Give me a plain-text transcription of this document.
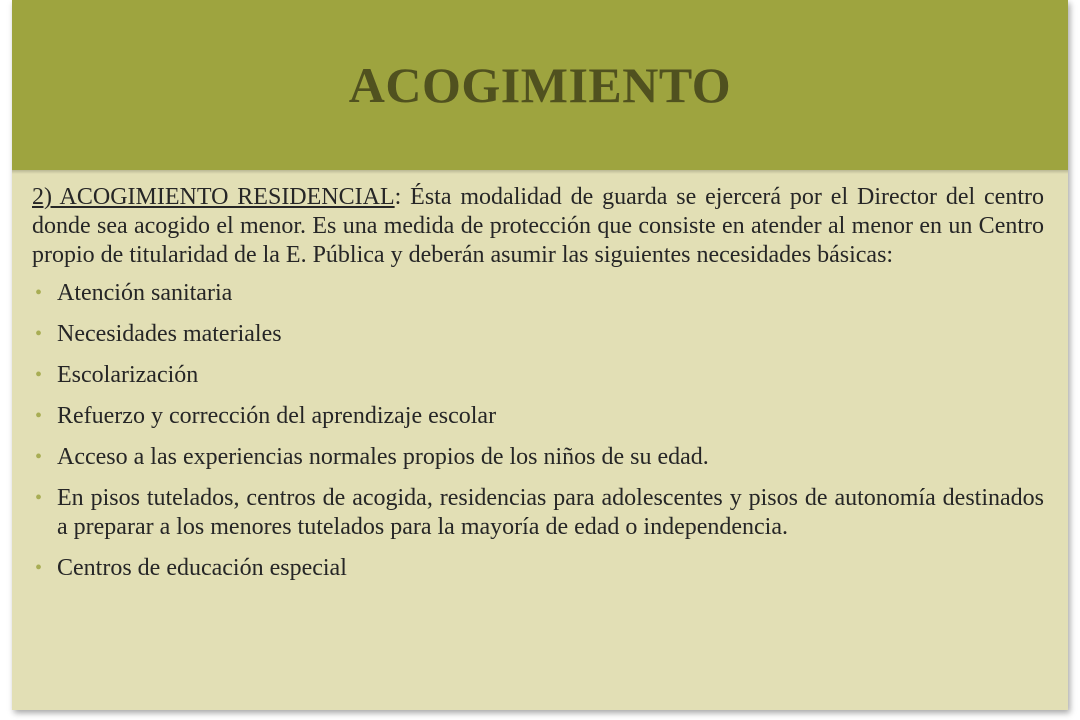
ACOGIMIENTO

2) ACOGIMIENTO RESIDENCIAL: Ésta modalidad de guarda se ejercerá por el Director del centro donde sea acogido el menor. Es una medida de protección que consiste en atender al menor en un Centro propio de titularidad de la E. Pública y deberán asumir las siguientes necesidades básicas:

• Atención sanitaria
• Necesidades materiales
• Escolarización
• Refuerzo y corrección del aprendizaje escolar
• Acceso a las experiencias normales propios de los niños de su edad.
• En pisos tutelados, centros de acogida, residencias para adolescentes y pisos de autonomía destinados a preparar a los menores tutelados para la mayoría de edad o independencia.
• Centros de educación especial
